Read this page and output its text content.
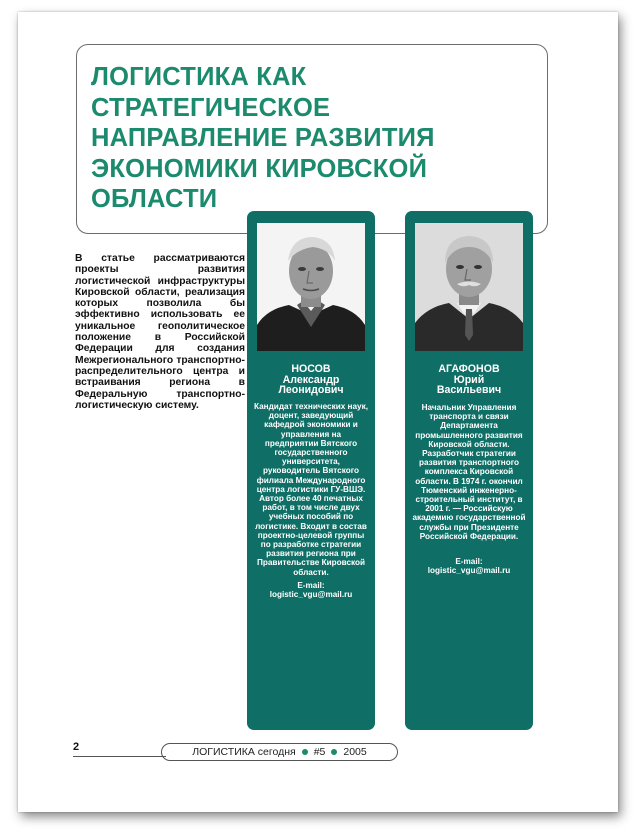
ЛОГИСТИКА КАК СТРАТЕГИЧЕСКОЕ
НАПРАВЛЕНИЕ РАЗВИТИЯ
ЭКОНОМИКИ КИРОВСКОЙ
ОБЛАСТИ

В статье рассматриваются проекты развития логистической инфраструктуры Кировской области, реализация которых позволила бы эффективно использовать ее уникальное геополитическое положение в Российской Федерации для создания Межрегионального транспортно-распределительного центра и встраивания региона в Федеральную транспортно-логистическую систему.

НОСОВ
Александр
Леонидович
Кандидат технических наук, доцент, заведующий кафедрой экономики и управления на предприятии Вятского государственного университета, руководитель Вятского филиала Международного центра логистики ГУ-ВШЭ. Автор более 40 печатных работ, в том числе двух учебных пособий по логистике. Входит в состав проектно-целевой группы по разработке стратегии развития региона при Правительстве Кировской области.
E-mail:
logistic_vgu@mail.ru
АГАФОНОВ
Юрий
Васильевич
Начальник Управления транспорта и связи Департамента промышленного развития Кировской области. Разработчик стратегии развития транспортного комплекса Кировской области. В 1974 г. окончил Тюменский инженерно-строительный институт, в 2001 г. — Российскую академию государственной службы при Президенте Российской Федерации.
E-mail:
logistic_vgu@mail.ru
2	ЛОГИСТИКА сегодня #5 2005
